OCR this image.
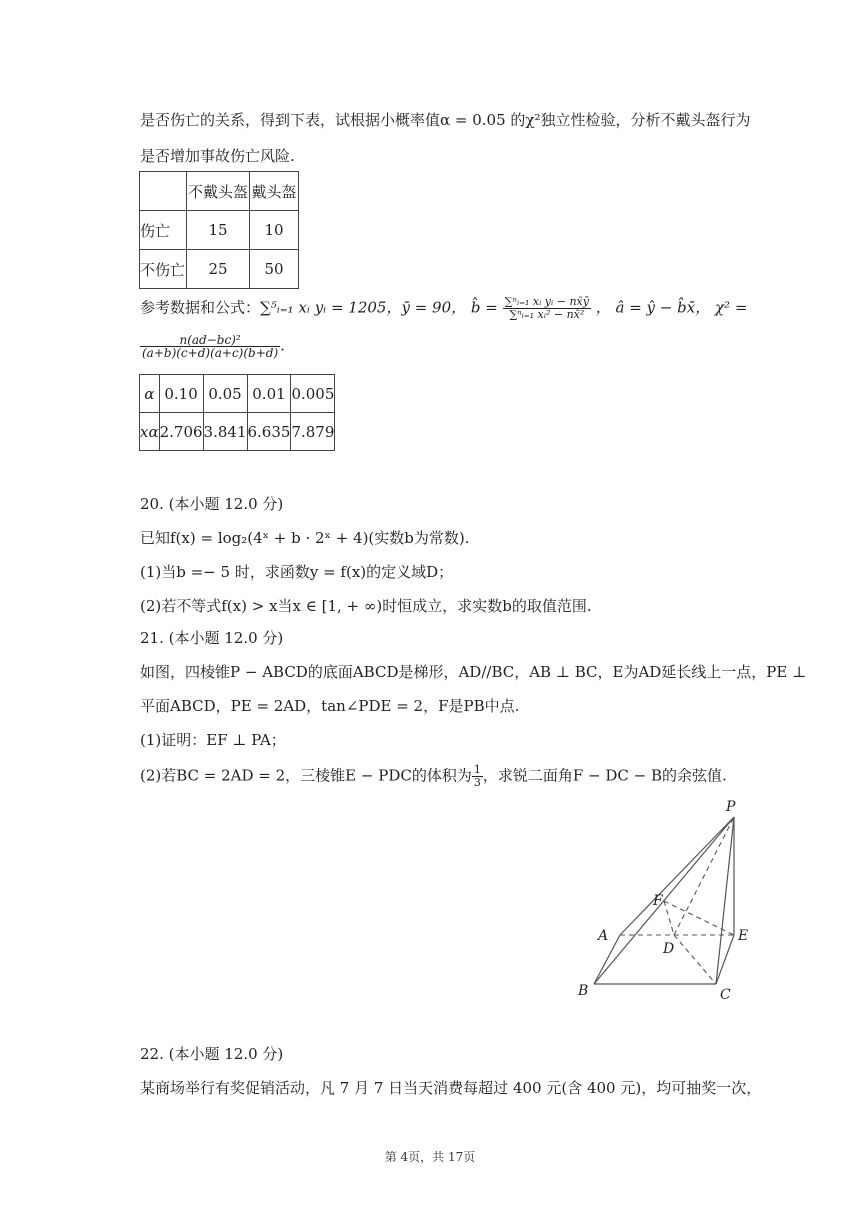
是否伤亡的关系，得到下表，试根据小概率值α = 0.05 的χ²独立性检验，分析不戴头盔行为
是否增加事故伤亡风险.
	不戴头盔	戴头盔
伤亡	15	10
不伤亡	25	50
参考数据和公式：∑⁵ᵢ₌₁ xᵢ yᵢ = 1205，ȳ = 90， b̂ = $\frac{\text{∑ⁿᵢ₌₁ xᵢ yᵢ − nx̄ȳ}}{\text{∑ⁿᵢ₌₁ xᵢ² − nx̄²}}$ ， â = ŷ − b̂x̄， χ² =
$\frac{\text{n(ad−bc)²}}{(a+b)(c+d)(a+c)(b+d)}$ .
α	0.10	0.05	0.01	0.005
xα	2.706	3.841	6.635	7.879
20. (本小题 12.0 分)
已知f(x) = log₂(4ˣ + b · 2ˣ + 4)(实数b为常数).
(1)当b =− 5 时，求函数y = f(x)的定义域D；
(2)若不等式f(x) > x当x ∈ [1, + ∞)时恒成立，求实数b的取值范围.
21. (本小题 12.0 分)
如图，四棱锥P − ABCD的底面ABCD是梯形，AD//BC，AB ⊥ BC，E为AD延长线上一点，PE ⊥
平面ABCD，PE = 2AD，tan∠PDE = 2，F是PB中点.
(1)证明：EF ⊥ PA；
(2)若BC = 2AD = 2，三棱锥E − PDC的体积为 $\frac{1}{3}$ ，求锐二面角F − DC − B的余弦值.
P
F
A
D
E
B	C
22. (本小题 12.0 分)
某商场举行有奖促销活动，凡 7 月 7 日当天消费每超过 400 元(含 400 元)，均可抽奖一次，
第 4页，共 17页
